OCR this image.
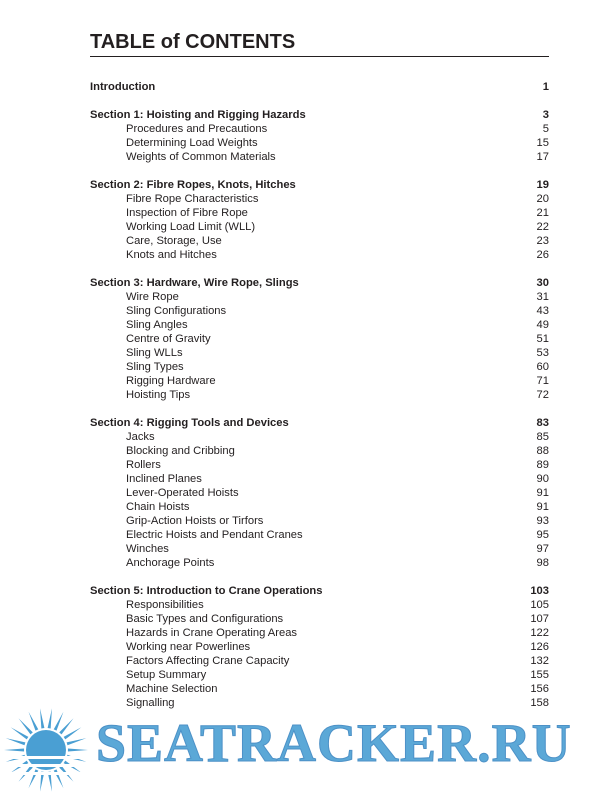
TABLE of CONTENTS
Introduction	1
Section 1: Hoisting and Rigging Hazards	3
Procedures and Precautions	5
Determining Load Weights	15
Weights of Common Materials	17
Section 2: Fibre Ropes, Knots, Hitches	19
Fibre Rope Characteristics	20
Inspection of Fibre Rope	21
Working Load Limit (WLL)	22
Care, Storage, Use	23
Knots and Hitches	26
Section 3: Hardware, Wire Rope, Slings	30
Wire Rope	31
Sling Configurations	43
Sling Angles	49
Centre of Gravity	51
Sling WLLs	53
Sling Types	60
Rigging Hardware	71
Hoisting Tips	72
Section 4: Rigging Tools and Devices	83
Jacks	85
Blocking and Cribbing	88
Rollers	89
Inclined Planes	90
Lever-Operated Hoists	91
Chain Hoists	91
Grip-Action Hoists or Tirfors	93
Electric Hoists and Pendant Cranes	95
Winches	97
Anchorage Points	98
Section 5: Introduction to Crane Operations	103
Responsibilities	105
Basic Types and Configurations	107
Hazards in Crane Operating Areas	122
Working near Powerlines	126
Factors Affecting Crane Capacity	132
Setup Summary	155
Machine Selection	156
Signalling	158
SEATRACKER.RU
